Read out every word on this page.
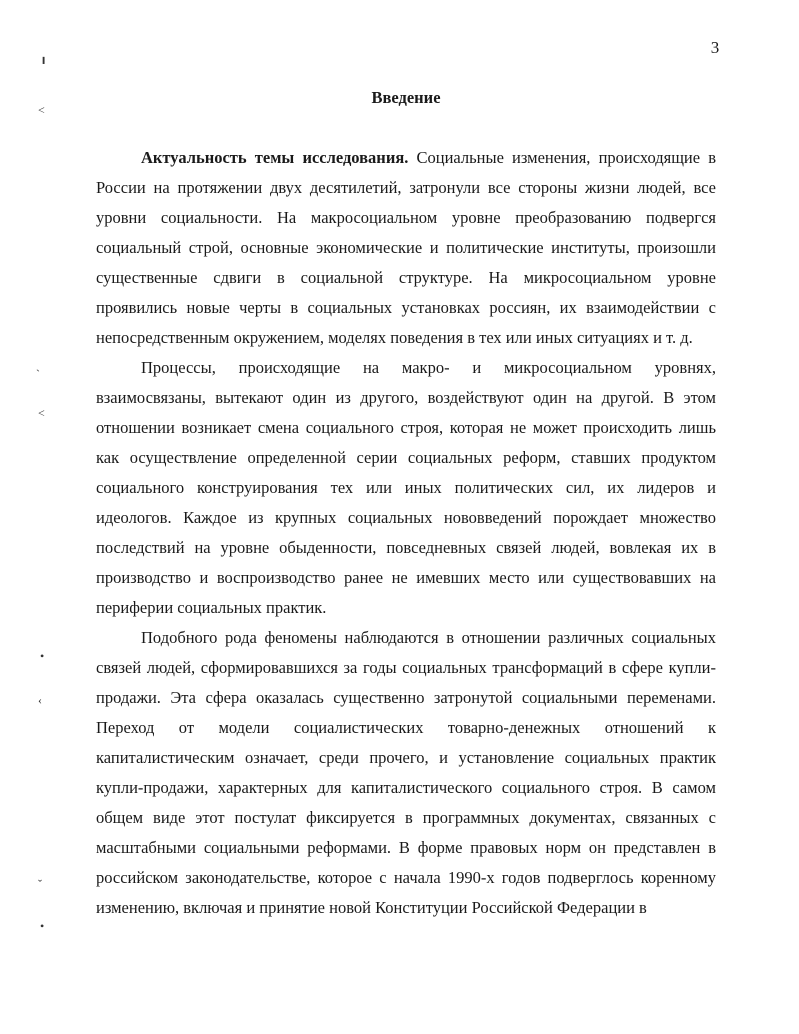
3
Введение

Актуальность темы исследования. Социальные изменения, происходящие в России на протяжении двух десятилетий, затронули все стороны жизни людей, все уровни социальности. На макросоциальном уровне преобразованию подвергся социальный строй, основные экономические и политические институты, произошли существенные сдвиги в социальной структуре. На микросоциальном уровне проявились новые черты в социальных установках россиян, их взаимодействии с непосредственным окружением, моделях поведения в тех или иных ситуациях и т. д.

Процессы, происходящие на макро- и микросоциальном уровнях, взаимосвязаны, вытекают один из другого, воздействуют один на другой. В этом отношении возникает смена социального строя, которая не может происходить лишь как осуществление определенной серии социальных реформ, ставших продуктом социального конструирования тех или иных политических сил, их лидеров и идеологов. Каждое из крупных социальных нововведений порождает множество последствий на уровне обыденности, повседневных связей людей, вовлекая их в производство и воспроизводство ранее не имевших место или существовавших на периферии социальных практик.

Подобного рода феномены наблюдаются в отношении различных социальных связей людей, сформировавшихся за годы социальных трансформаций в сфере купли-продажи. Эта сфера оказалась существенно затронутой социальными переменами. Переход от модели социалистических товарно-денежных отношений к капиталистическим означает, среди прочего, и установление социальных практик купли-продажи, характерных для капиталистического социального строя. В самом общем виде этот постулат фиксируется в программных документах, связанных с масштабными социальными реформами. В форме правовых норм он представлен в российском законодательстве, которое с начала 1990-х годов подверглось коренному изменению, включая и принятие новой Конституции Российской Федерации в

╹
˂
ˋ
˂
•
‹
ˇ
•
